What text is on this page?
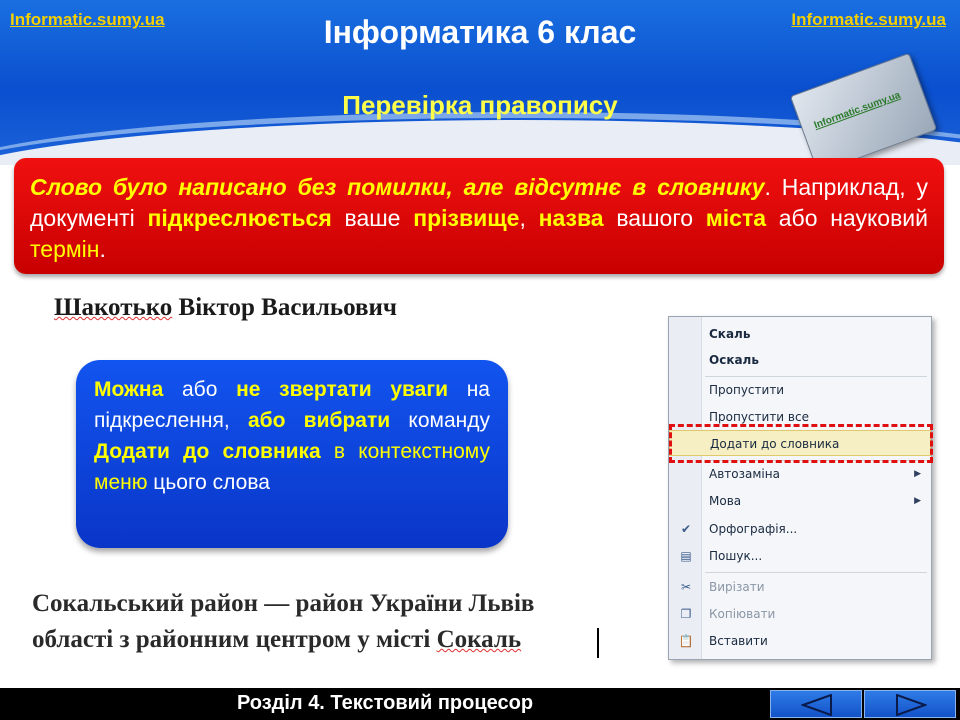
Informatic.sumy.ua	Informatic.sumy.ua
Інформатика 6 клас
Перевірка правопису	Informatic.sumy.ua
Слово було написано без помилки, але відсутнє в словнику. Наприклад, у документі підкреслюється ваше прізвище, назва вашого міста або науковий термін.
Шакотько Віктор Васильович
Можна або не звертати уваги на підкреслення, або вибрати команду Додати до словника в контекстному меню цього слова
Сокальський район — район України Львів
області з районним центром у місті Сокаль
Скаль
Оскаль
Пропустити
Пропустити все
Додати до словника
Автозаміна	▶
Мова	▶
✔	Орфографія...
▤ Пошук...
✂	Вирізати
❐	Копіювати
📋 Вставити
Розділ 4. Текстовий процесор
